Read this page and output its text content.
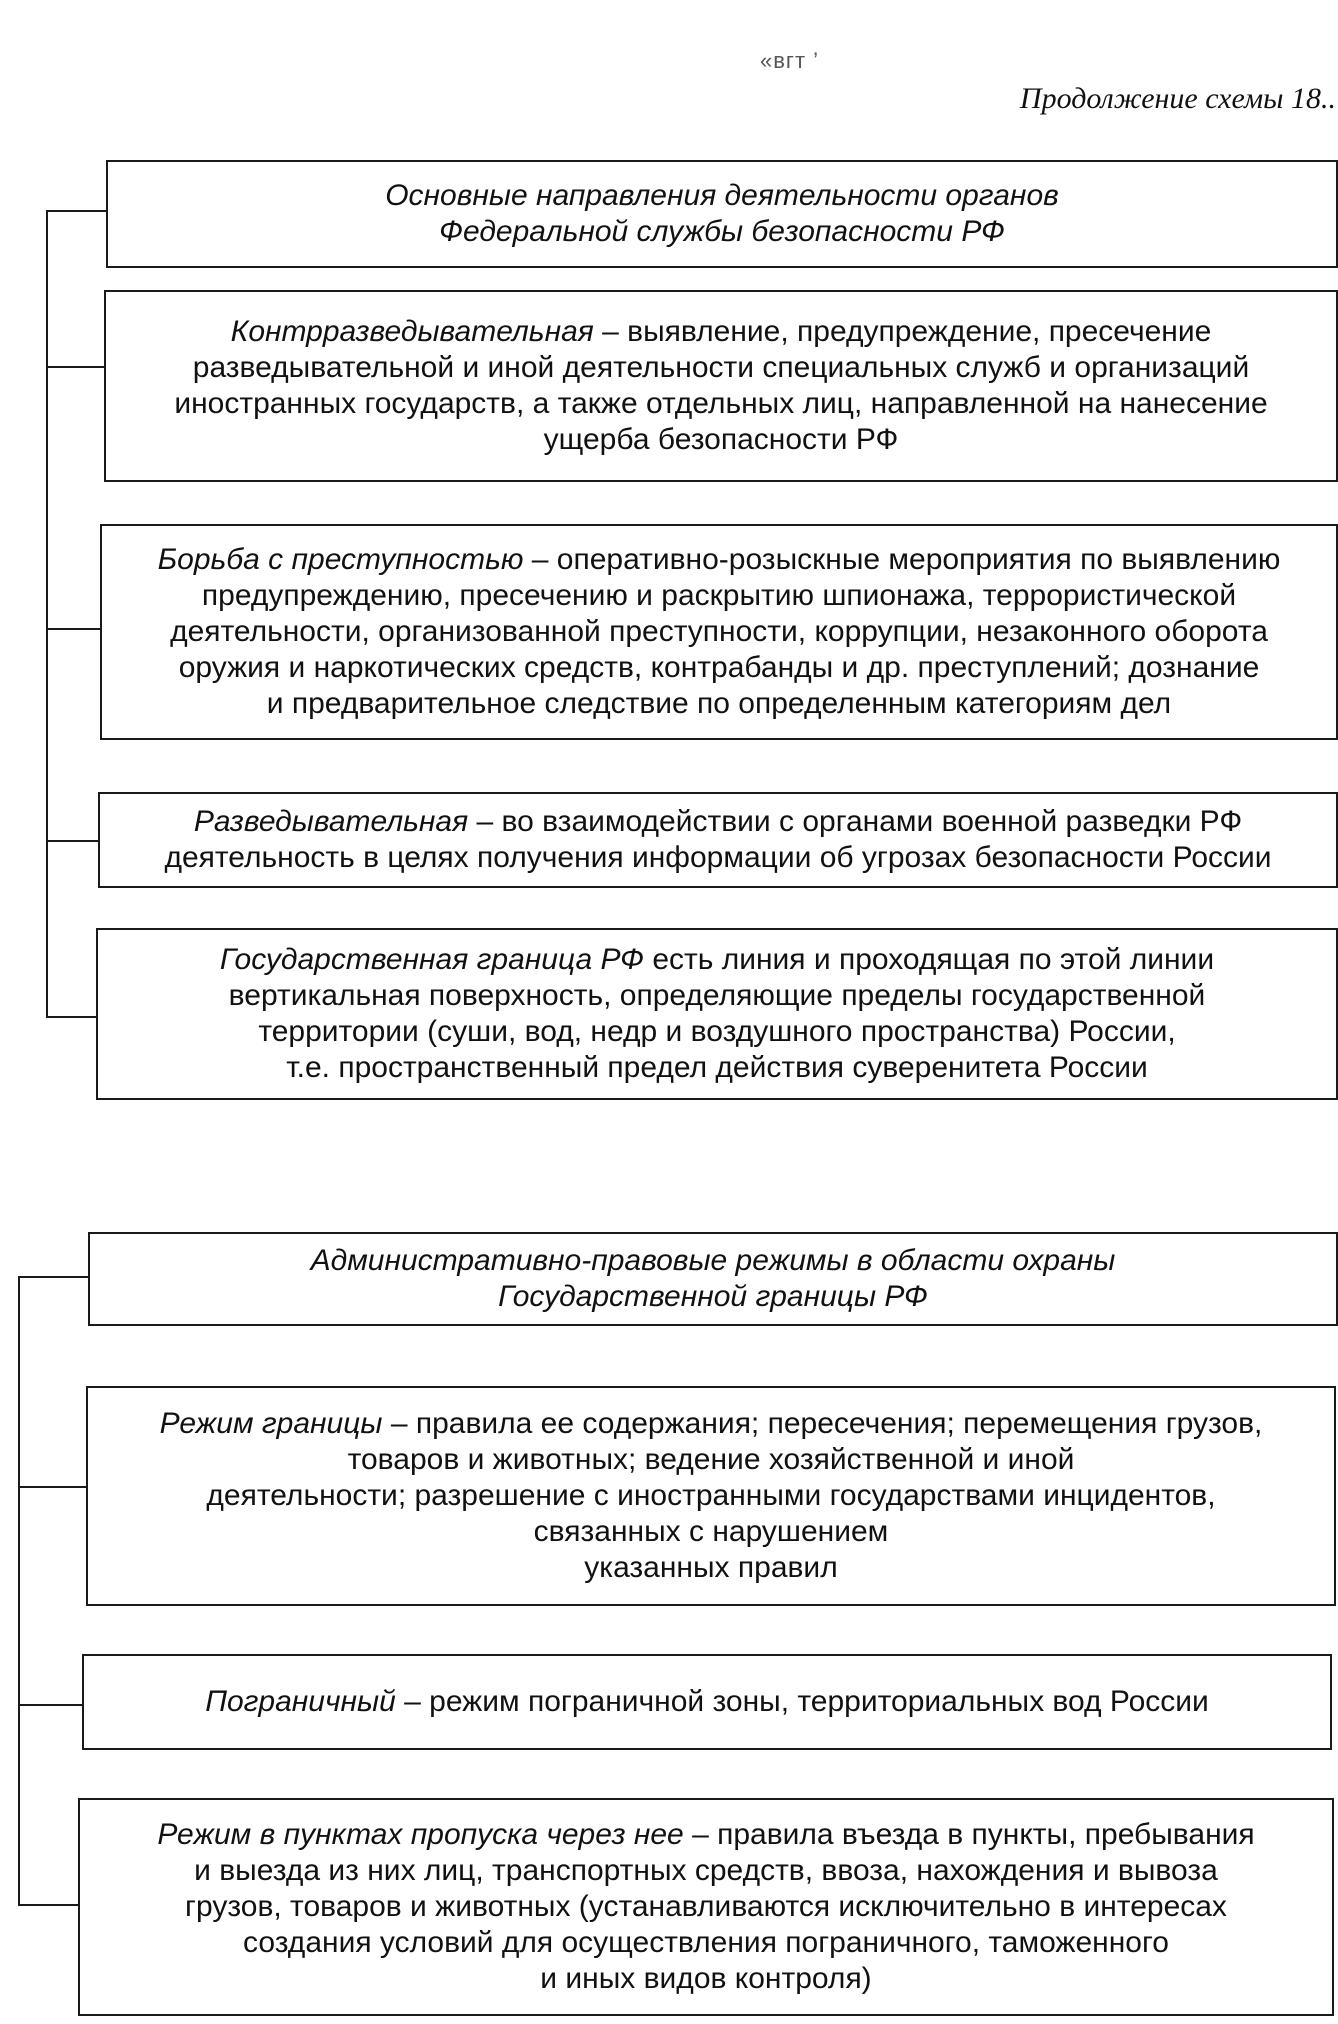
«вгт ’
Продолжение схемы 18..
Основные направления деятельности органов
Федеральной службы безопасности РФ
Контрразведывательная – выявление, предупреждение, пресечение
разведывательной и иной деятельности специальных служб и организаций
иностранных государств, а также отдельных лиц, направленной на нанесение
ущерба безопасности РФ
Борьба с преступностью – оперативно-розыскные мероприятия по выявлению
предупреждению, пресечению и раскрытию шпионажа, террористической
деятельности, организованной преступности, коррупции, незаконного оборота
оружия и наркотических средств, контрабанды и др. преступлений; дознание
и предварительное следствие по определенным категориям дел
Разведывательная – во взаимодействии с органами военной разведки РФ
деятельность в целях получения информации об угрозах безопасности России
Государственная граница РФ есть линия и проходящая по этой линии
вертикальная поверхность, определяющие пределы государственной
территории (суши, вод, недр и воздушного пространства) России,
т.е. пространственный предел действия суверенитета России
Административно-правовые режимы в области охраны
Государственной границы РФ
Режим границы – правила ее содержания; пересечения; перемещения грузов,
товаров и животных; ведение хозяйственной и иной
деятельности; разрешение с иностранными государствами инцидентов,
связанных с нарушением
указанных правил
Пограничный – режим пограничной зоны, территориальных вод России
Режим в пунктах пропуска через нее – правила въезда в пункты, пребывания
и выезда из них лиц, транспортных средств, ввоза, нахождения и вывоза
грузов, товаров и животных (устанавливаются исключительно в интересах
создания условий для осуществления пограничного, таможенного
и иных видов контроля)
